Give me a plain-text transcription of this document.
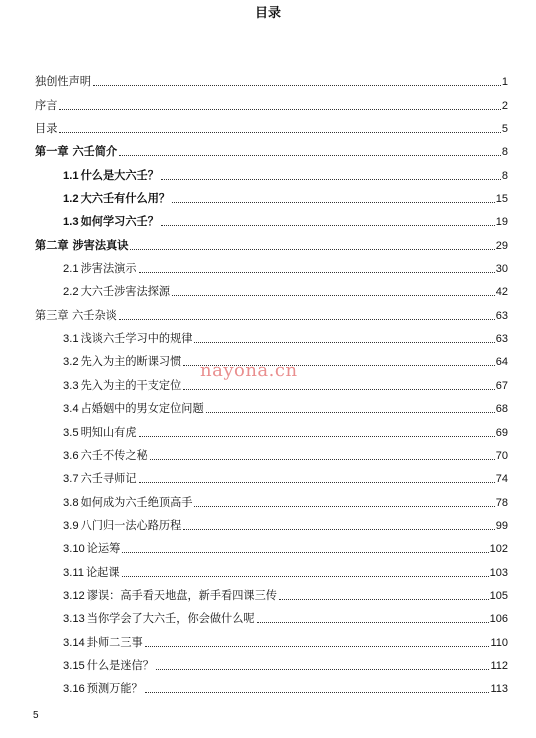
目录
独创性声明	1
序言	2
目录	5
第一章 六壬简介	8
1.1 什么是大六壬？	8
1.2 大六壬有什么用？	15
1.3 如何学习六壬？	19
第二章 涉害法真诀	29
2.1 涉害法演示	30
2.2 大六壬涉害法探源	42
第三章 六壬杂谈	63
3.1 浅谈六壬学习中的规律	63
3.2 先入为主的断课习惯	64
3.3 先入为主的干支定位	67
3.4 占婚姻中的男女定位问题	68
3.5 明知山有虎	69
3.6 六壬不传之秘	70
3.7 六壬寻师记	74
3.8 如何成为六壬绝顶高手	78
3.9 八门归一法心路历程	99
3.10 论运筹	102
3.11 论起课	103
3.12 谬误：高手看天地盘，新手看四课三传	105
3.13 当你学会了大六壬，你会做什么呢	106
3.14 卦师二三事	110
3.15 什么是迷信？	112
3.16 预测万能？	113
nayona.cn
5
